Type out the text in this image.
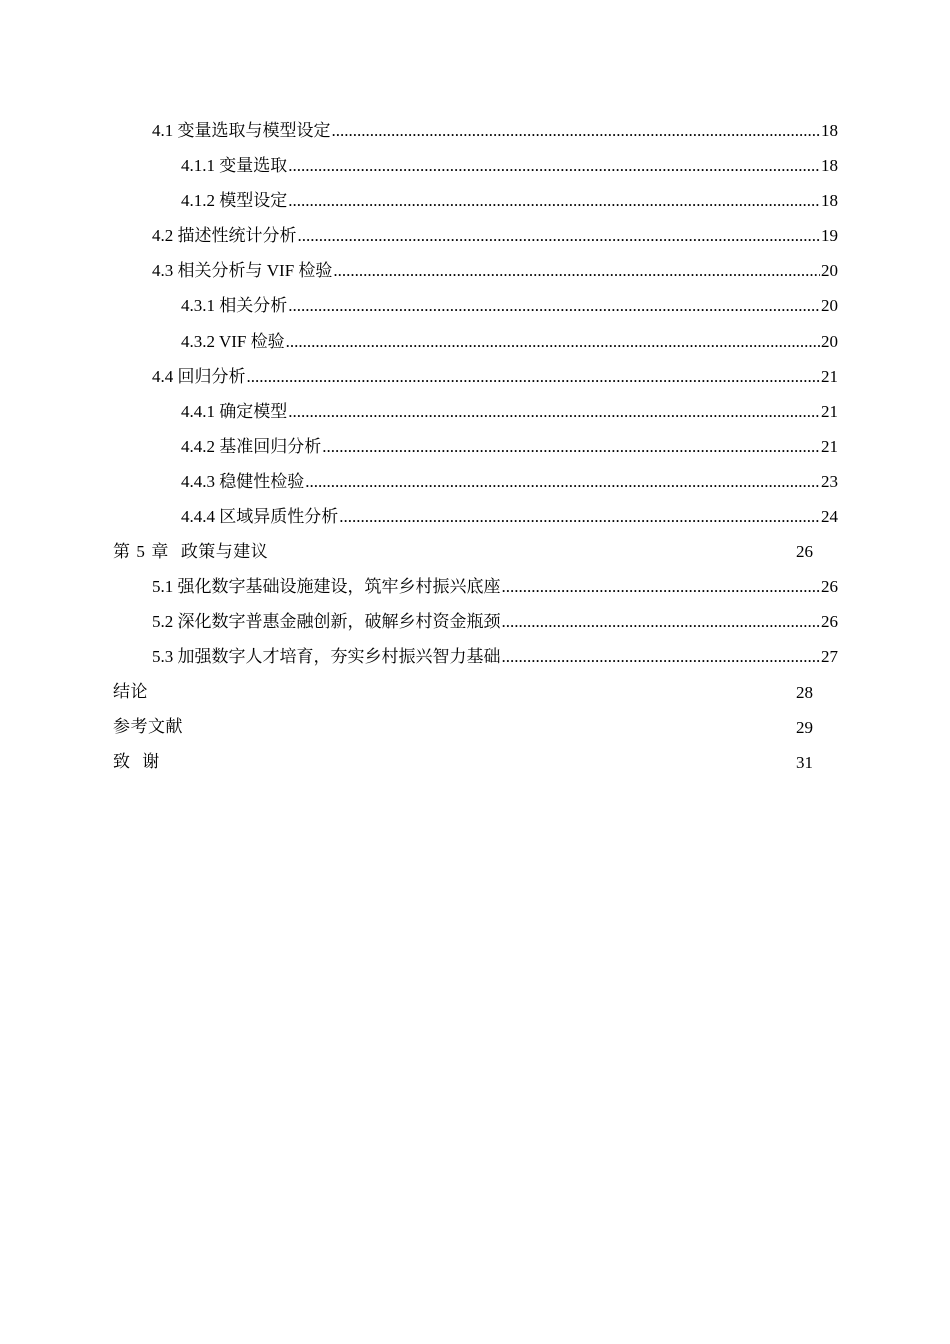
4.1 变量选取与模型设定 .....	18
4.1.1 变量选取 .....	18
4.1.2 模型设定 .....	18
4.2 描述性统计分析 .....	19
4.3 相关分析与 VIF 检验 .....	20
4.3.1 相关分析 .....	20
4.3.2 VIF 检验 .....	20
4.4 回归分析 .....	21
4.4.1 确定模型 .....	21
4.4.2 基准回归分析 .....	21
4.4.3 稳健性检验 .....	23
4.4.4 区域异质性分析 .....	24
第 5 章 政策与建议	26
5.1 强化数字基础设施建设，筑牢乡村振兴底座 .....	26
5.2 深化数字普惠金融创新，破解乡村资金瓶颈 .....	26
5.3 加强数字人才培育，夯实乡村振兴智力基础 .....	27
结论	28
参考文献	29
致  谢	31
